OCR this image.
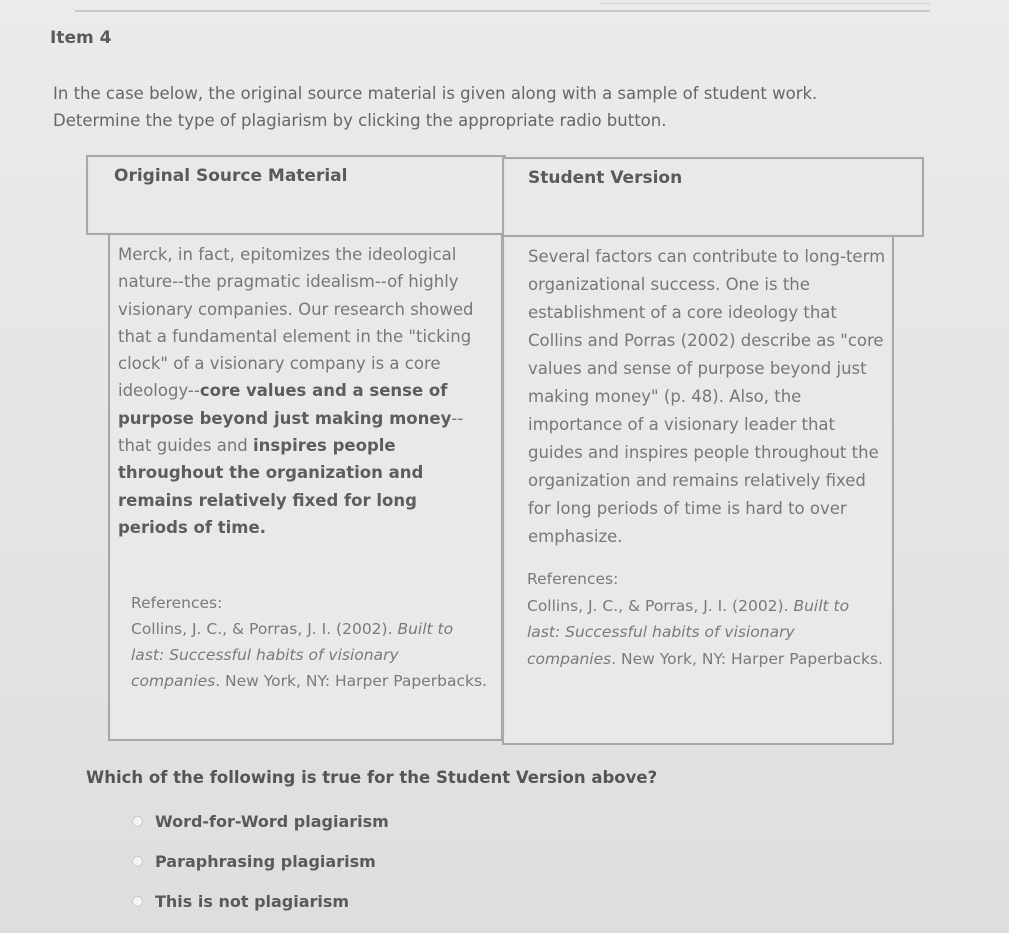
Item 4

In the case below, the original source material is given along with a sample of student work.

Determine the type of plagiarism by clicking the appropriate radio button.

Original Source Material	Student Version
Merck, in fact, epitomizes the ideological nature--the pragmatic idealism--of highly visionary companies. Our research showed that a fundamental element in the "ticking clock" of a visionary company is a core ideology--core values and a sense of purpose beyond just making money--that guides and inspires people throughout the organization and remains relatively fixed for long periods of time.

References:

Collins, J. C., & Porras, J. I. (2002). Built to last: Successful habits of visionary companies. New York, NY: Harper Paperbacks.

Several factors can contribute to long-term organizational success. One is the establishment of a core ideology that Collins and Porras (2002) describe as "core values and sense of purpose beyond just making money" (p. 48). Also, the importance of a visionary leader that guides and inspires people throughout the organization and remains relatively fixed for long periods of time is hard to over emphasize.

References:

Collins, J. C., & Porras, J. I. (2002). Built to last: Successful habits of visionary companies. New York, NY: Harper Paperbacks.

Which of the following is true for the Student Version above?
Word-for-Word plagiarism
Paraphrasing plagiarism
This is not plagiarism
